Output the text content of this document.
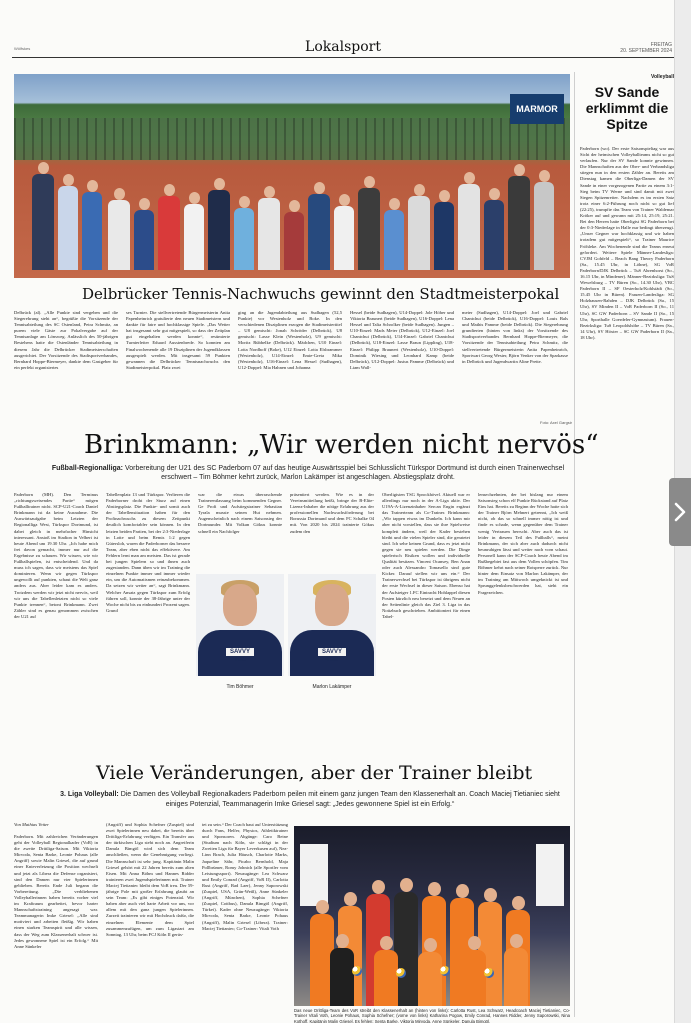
Wölfskes	Lokalsport	FREITAG
20. SEPTEMBER 2024
MARMOR
Foto: Axel Gargsir
Delbrücker Tennis-Nachwuchs gewinnt den Stadtmeisterpokal
Delbrück (al). „Alle Punkte sind vergeben und die Siegerehrung steht an“, begrüßte die Vorsitzende der Tennisabteilung des SC Ostenland, Petra Schmitz, an purem viele Gäste zur Pokalvergabe auf der Tennisanlage am Lönsweg. Anlässlich des 50-jährigen Bestehens hatte die Ostenländer Tennisabteilung in diesem Jahr die Delbrücker Stadtmeisterschaften ausgerichtet. Der Vorsitzende des Stadtsportverbandes, Bernhard Hoppe-Biermeyer, dankte dem Gastgeber für ein perfekt organisiertes
ses Turnier. Die stellvertretende Bürgermeisterin Anita Papenheinrich gratulierte den neuen Stadtmeistern und dankte für faire und hochklassige Spiele. „Das Wetter hat insgesamt sehr gut mitgespielt, so dass der Zeitplan gut eingehalten werden konnte“, resümierte Turnierleiter Eduard Ausstenbrede. So konnten am Finalwochenende alle 19 Disziplinen der Jugendklassen ausgespielt werden. Mit insgesamt 59 Punkten gewannen die Delbrücker Tennisnachwuchs den Stadtmeisterpokal. Platz zwei
ging an die Jugendabteilung aus Sudhagen (52,5 Punkte) vor Westenholz und Boke. In den verschiedenen Disziplinen erzogen die Stadtmeistertitel – U8 gemischt: Jonah Schröder (Delbrück), U8 gemischt: Lasse Klein (Westenholz), U9 gemischt: Moritz Rübbelke (Delbrück). Mädchen, U10 Einzel: Lotta Nordhoff (Boke), U12 Einzel: Lotta Elsbrammer (Westenholz), U14-Einzel: Emie-Greta Mika (Westenholz), U16-Einzel: Lena Hessel (Sudhagen), U12-Doppel: Mia Hahnen und Johanna
Hessel (beide Sudhagen), U14-Doppel: Jole Höher und Viktoria Braunert (beide Sudhagen), U16-Doppel: Lena Hessel und Talia Schrolker (beide Sudhagen). Jungen – U10-Einzel: Mads Meier (Delbrück), U12-Einzel: Joel Chantchui (Delbrück), U14-Einzel: Gabriel Chantchui (Delbrück), U18-Einzel: Lasse Braun (Lippling), U18-Einzel: Philipp Braunert (Westenholz), U10-Doppel: Dominik Wiesing und Leonhard Kamp (beide Delbrück), U12-Doppel: Justus Pamme (Delbrück) und Liam Wall-
meier (Sudhagen), U14-Doppel: Joel und Gabriel Chantchui (beide Delbrück), U16-Doppel: Louis Bals und Mathis Pamme (beide Delbrück). Die Siegerehrung grundierten (hinten von links) der Vorsitzende des Stadtsportverbandes Bernhard Hoppe-Biermeyer, die Vorsitzende der Tennisabteilung Petra Schmitz, die stellvertretende Bürgermeisterin Anita Papenheinrich, Sportwart Georg Wester, Björn Venker von der Sparkasse in Delbrück und Jugendwartin Aline Prette.
Volleyball
SV Sande erklimmt die Spitze
Paderborn (wo). Der erste Saisonspieltag war aus Sicht der heimischen Volleyballteams nicht so gut verlaufen. Nur der SV Sande konnte gewinnen. Die Mannschaften aus der Ober- und Verbandsliga stiegen nun in den ersten Zähler an. Bereits am Dienstag kamen die Oberliga-Damen der SV Sande in einer vorgezogenen Partie zu einem 3:1-Sieg beim TV Werne und sind damit mit zwei Siegen Spitzenreiter. Nachdem es im ersten Satz trotz einer 6:2-Führung noch nicht so gut lief (22:25), trumpfte das Team von Trainer Waldemar Kröker auf und gewann mit 25:14, 25:19, 25:21. Bei den Herren hatte Oberligist SG Paderborn bei der 0:3-Niederlage in Halle nur bedingt überzeugt. „Unser Gegner war hochklassig und wir haben trotzdem gut mitgespielt“, so Trainer Maurice Fröhleke. Am Wochenende sind die Teams erneut gefordert. Weitere Spiele Männer-Landesliga: CVJM Gohfeld – Beach Bang Theory Paderborn (Sa., 15.45 Uhr, in Löhne), SG VoR Paderborn/DJK Delbrück – TuS Ahrenhorst (So., 16.15 Uhr, in Mindener). Männer-Bezirksliga: TuS Wewelsburg – TV Büren (So., 14.30 Uhr), VBC Paderborn II – SF Oesterholz/Kohlstädt (So., 15.45 Uhr in Büren). Frauen-Landesliga: SG Holzhausen-Rahden – DJK Delbrück (Sa., 15 Uhr), SV Minden II – VoR Paderborn II (So., 11 Uhr), SC GW Paderborn – SV Sande II (So., 15 Uhr, Sporthalle Goerdeler-Gymnasium). Frauen-Bezirksliga: TuS Leopoldshöhe – TV Büren (Sa., 14 Uhr), SV Höxter – SC GW Paderborn II (Sa., 18 Uhr).
Brinkmann: „Wir werden nicht nervös“
Fußball-Regionalliga: Vorbereitung der U21 des SC Paderborn 07 auf das heutige Auswärtsspiel bei Schlusslicht Türkspor Dortmund ist durch einen Trainerwechsel erschwert – Tim Böhmer kehrt zurück, Marlon Lakämper ist angeschlagen. Abstiegsplatz droht.
Paderborn (MH). Den Terminus „richtungsweisendes Partie“ mögen Fußballtrainer nicht. SCP-U21-Coach Daniel Brinkmann ist da keine Ausnahme. Die Auswärtsaufgabe beim Letzten der Regionalliga West, Türkspor Dortmund, ist dabei gleich in mehrfacher Hinsicht interessant. Anstoß im Stadion in Velbert ist heute Abend um 19.30 Uhr. „Ich habe mich frei davon gemacht, immer nur auf die Ergebnisse zu schauen. Wir wissen, wie wir Fußballspielen, ist entscheidend. Und da muss ich sagen, dass wir meistens das Spiel dominieren. Wenn wir gegen Türkspor ungewollt auf punkten, schaut die Welt ganz anders aus. Aber leider kam es anders. Trotzdem werden wir jetzt nicht nervös, weil wir uns die Tabellenletzten nicht so viele Punkte trennen“, betont Brinkmann. Zwei Zähler sind es genau genommen zwischen der U21 auf
Tabellenplatz 13 und Türkspor. Verlieren die Paderborner droht der Sturz auf einen Abstiegsplatz. Die Punkte- und somit auch der Tabellensituation haben für den Profinachwuchs zu diesem Zeitpunkt deutlich komfortabler sein können. In den letzten beiden Partien, bei der 2:3-Niederlage in Lotte und beim Remis 1:2 gegen Gütersloh, waren die Paderborner das bessere Team, aber eben nicht das effektivere. Am Fehlern lernt man am meisten. Das ist gerade bei jungen Spielern so und ihnen auch zugestanden. Dann üben wir im Training die einzelnen Punkte immer und immer wieder ein, um die Automatismen reinzubekommen. Da setzen wir weiter an“, sagt Brinkmann. Welcher Ansatz gegen Türkspor zum Erfolg führen soll, konnte der 38-Jährige unter der Woche nicht bis zu einhundert Prozent sagen. Grund
war die etwas überraschende Trainerentlassung beim kommenden Gegner. Ge Profi und Aufstiegstrainer Sebastian Tyrala musste seinen Hut nehmen. Augenscheinlich nach einem Saisonsieg der Dortmunder. Mit Volkan Gökus konnte schnell ein Nachfolger
präsentiert werden. Wie es in der Vereinsmitteilung heißt, bringe der B-Elite-Lizenz-Inhaber die nötige Erfahrung aus der professionellen Nachwuchsförderung bei Borussia Dortmund und dem FC Schalke 04 mit. Von 2020 bis 2024 trainierte Gökus zudem den
Oberligisten TSG Sprockhövel. Aktuell war er allerdings nur noch in der A-Liga aktiv. Der U19A-A-Lizenzinhaber Sercan Engin ergänzt das Trainerteam als Co-Trainer. Brinkmann: „Wir tappen etwas im Dunkeln. Ich kann mir aber nicht vorstellen, dass sie ihre Spielweise komplett ändern, weil der Kader bestehen bleibt und die vielen Spieler sind, die geratetet sind. Ich sehe keinen Grund, dass es jetzt nicht gegen sie neu spielen werden. Die Dinge spielerisch Risiken wollen und individuelle Qualität besitzen. Vincent Ocansey, Ben Anan oder auch Alessandro Tomasello sind gute Kicker. Darauf stellen wir uns ein.“ Der Trainerwechsel bei Türkspor ist übrigens nicht der erste Wechsel in dieser Saison. Ebenso hat der Aufsteiger 1.FC Eintracht Hohlappel diesen Posten kürzlich neu besetzt und dem Neuen an der Seitenlinie gleich das Ziel 3. Liga in das Notizbuch geschrieben. Ambitioniert für einen Tabel-
lensechzehnten, der bei bislang nur einem Saisonsieg schon elf Punkte Rückstand auf Platz Eins hat. Bereits zu Beginn der Woche hatte sich der Trainer Björn Mehnert getrennt, „Ich weiß nicht, ob das so schnell immer nötig ist und finde es schade, wenn gegenüber dem Trainer wenig Vertrauen herrscht. Aber auch das ist leider in diesem Teil des Fußballs“, meint Brinkmann, der sich aber auch dadurch nicht beunruhigen lässt und weiter nach vorn schaut. Personell kann der SCP-Coach heute Abend im Rußbegebiet fast aus dem Vollen schöpfen. Tim Böhmer kehrt nach seiner Rotsperre zurück. Nur hinter dem Einsatz von Marlon Lakämper, der im Training am Mittwoch umgeknickt ist und Sprunggelenksbeschwerden hat, steht ein Fragezeichen.
SAVVY TEC
Tim Böhmer
SAVVY TEC
Marlon Lakämper
Viele Veränderungen, aber der Trainer bleibt
3. Liga Volleyball: Die Damen des Volleyball Regionalkaders Paderborn peilen mit einem ganz jungen Team den Klassenerhalt an. Coach Maciej Tietianiec sieht einiges Potenzial, Teammanagerin Imke Griesel sagt: „Jedes gewonnene Spiel ist ein Erfolg.“
Von Mathias Vetter
Paderborn. Mit zahlreichen Veränderungen geht der Volleyball Regionalkader (VoR) in die zweite Drittliga-Saison. Mit Viktoria Mirvoda, Senta Barke, Leonie Pohaus (alle Angriff) sowie Malin Griesel, die auf grund einer Knieverletzung die Position wechselt und jetzt als Libera die Defense organisiert, sind den Damen nur vier Spielerinnen geblieben. Bereits Ende Juli begann die Vorbereitung. „Die verbliebenen Volleyballerinnen haben bereits vorher viel im Kraftraum gearbeitet, bevor harter Mannschaftstraining angesagt war. Teammanagerin Imke Griesel: „Alle sind motiviert und arbeiten fleißig. Wir haben einen starken Teamspirit und alle wissen, dass der Weg zum Klassenerhalt schwer ist. Jedes gewonnene Spiel ist ein Erfolg.“ Mit Anne Sünkeler
(Angriff) und Sophia Schefner (Zuspiel) sind zwei Spielerinnen neu dabei, die bereits über Drittliga-Erfahrung verfügen. Ein Transfer aus der türkischen Liga steht noch an. Angreiferin Danula Bimgöl wird sich dem Team anschließen, wenn die Genehmigung vorliegt. Die Mannschaft ist sehr jung. Kapitänin Malin Griesel gehört mit 22 Jahren bereits zum alten Eisen. Mit Anna Böhm und Hannes Ridder trainieren zwei Jugendspielerinnen mit. Trainer Maciej Tietianiec bleibt dem VoR treu. Der 59-jährige Pole mit großer Erfahrung glaubt an sein Team: „Es gibt einiges Potenzial. Wir haben aber auch viel harte Arbeit vor uns, vor allem mit den ganz jungen Spielerinnen. Zurzeit trainieren wir mit Hochdruck dafür, die einzelnen Elemente dem Spiel zusammenzufügen, um zum Ligastart am Sonntag, 13 Uhr, beim FCJ Köln II gerüs-
tet zu sein.“ Der Coach baut auf Unterstützung durch Fans, Helfer, Physios, Athletiktrainer und Sponsoren. Abgänge: Caro Beine (Studium nach Köln, sie schlägt in der Zweiten Liga für Bayer Leverkusen auf), Nea-Linn Brach, Julia Häusch, Charlotte Marks, Jaqueline Sähr, Picabo Bernhold, Maja Pollbrümer, Romy Johnich (alle Sportler vom Leistungssport). Neuzugänge: Lea Schwarz und Emily Conrad (Angriff, VoR II), Carlotta Rust (Angriff, Bad Laer), Jenny Saporowski (Zuspiel, USA, Grün-Weiß), Anne Sünkeler (Angriff, München), Sophia Schefner (Zuspiel, Cottbus), Danula Bimgöl (Angriff, Türkei). Kader ohne Neuzugänge: Viktoria Mirvoda, Senta Barke, Leonie Pohaus (Angriff), Malin Griesel (Libera). Trainer: Maciej Tietianiec; Co-Trainer: Vitali Voth
Das neue Drittliga-Team des VoR streibt den Klassenerhalt an (hinten von links): Carlotta Rust, Lea Schwarz, Headcoach Maciej Tietianiec, Co-Trainer Vitali Voth, Leonie Pohaus, Sophia Schefner; (vorne von links) Katharina Pogow, Emily Conrad, Hannes Ridder, Jenny Saporowski, Nina Kothoff, Kapitänin Malin Griesel. Es fehlen: Senta Barke, Viktoria Mirvoda, Anne Sünkeler, Danula Bimgöl.
